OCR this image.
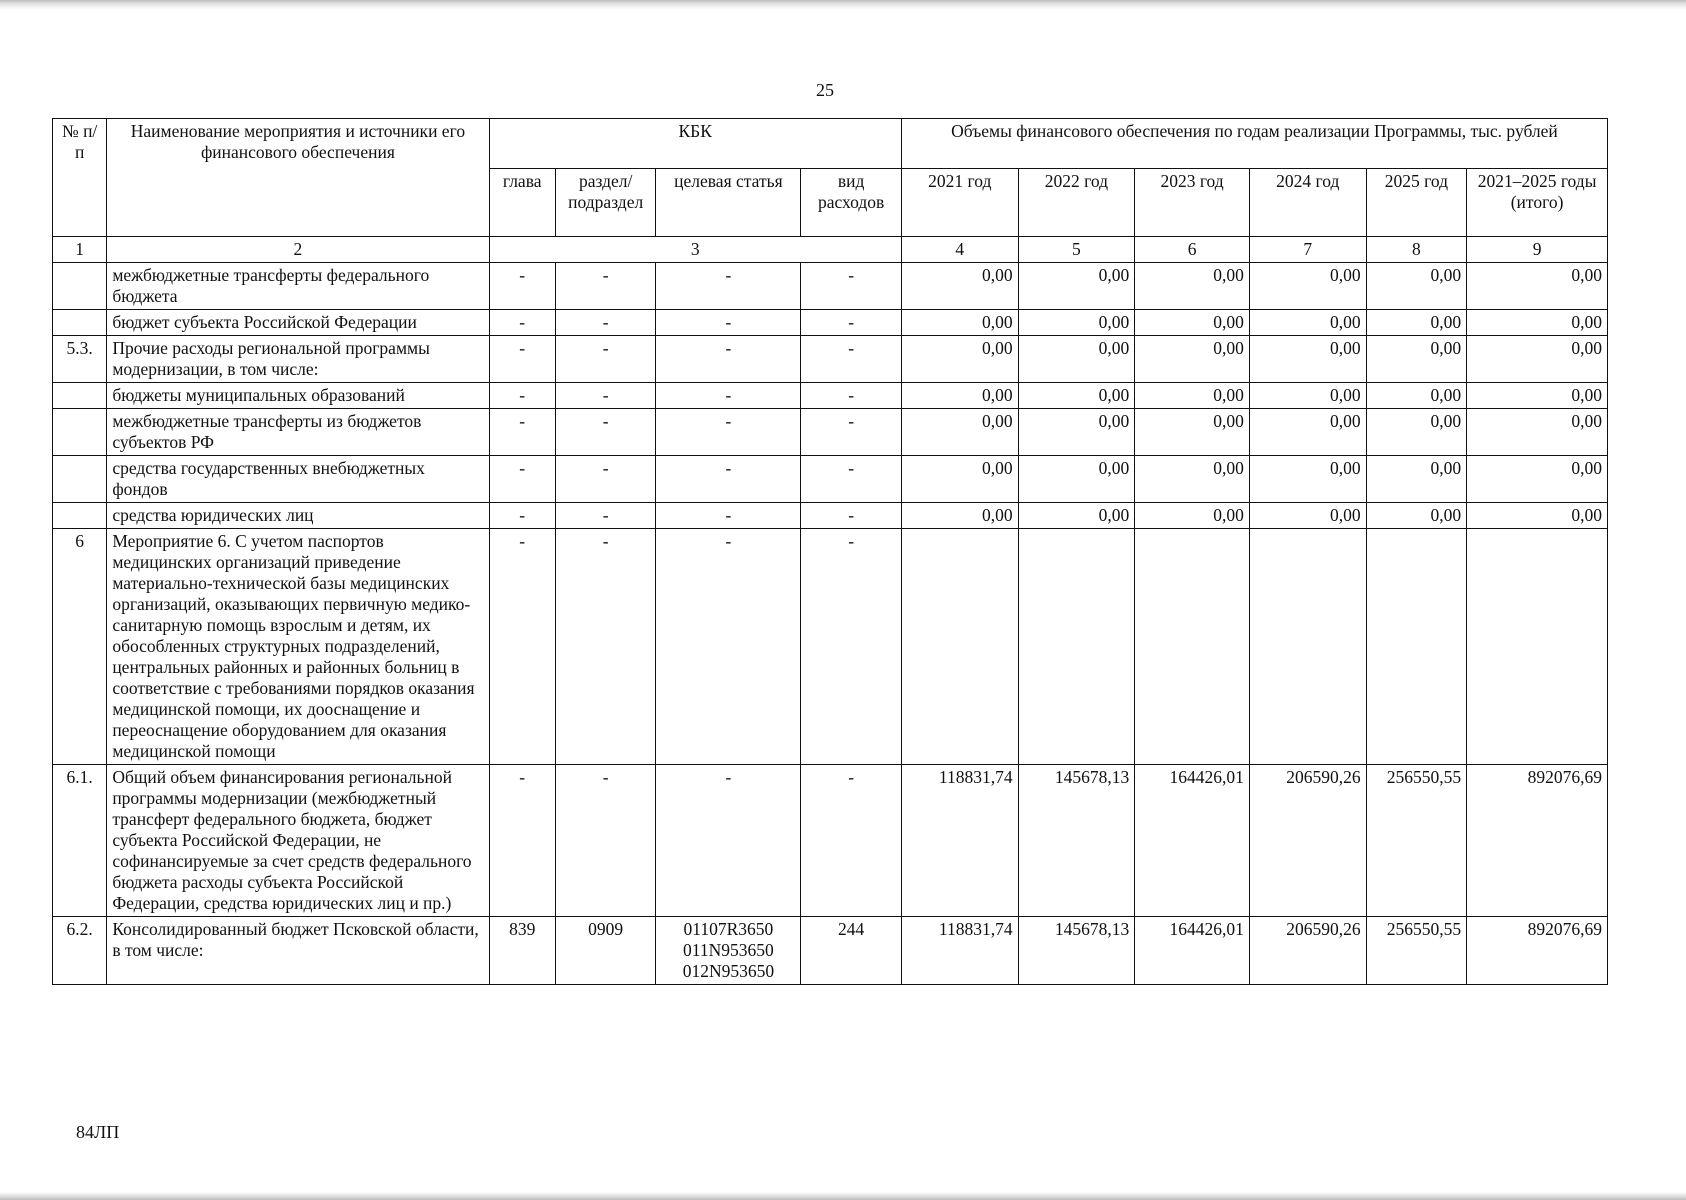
25
№ п/п	Наименование мероприятия и источники его финансового обеспечения	КБК				Объемы финансового обеспечения по годам реализации Программы, тыс. рублей					
		глава	раздел/ подраздел	целевая статья	вид расходов	2021 год	2022 год	2023 год	2024 год	2025 год	2021–2025 годы (итого)
1	2	3				4	5	6	7	8	9
	межбюджетные трансферты федерального бюджета	-	-	-	-	0,00	0,00	0,00	0,00	0,00	0,00
	бюджет субъекта Российской Федерации	-	-	-	-	0,00	0,00	0,00	0,00	0,00	0,00
5.3.	Прочие расходы региональной программы модернизации, в том числе:	-	-	-	-	0,00	0,00	0,00	0,00	0,00	0,00
	бюджеты муниципальных образований	-	-	-	-	0,00	0,00	0,00	0,00	0,00	0,00
	межбюджетные трансферты из бюджетов субъектов РФ	-	-	-	-	0,00	0,00	0,00	0,00	0,00	0,00
	средства государственных внебюджетных фондов	-	-	-	-	0,00	0,00	0,00	0,00	0,00	0,00
	средства юридических лиц	-	-	-	-	0,00	0,00	0,00	0,00	0,00	0,00
6	Мероприятие 6. С учетом паспортов медицинских организаций приведение материально-технической базы медицинских организаций, оказывающих первичную медико-санитарную помощь взрослым и детям, их обособленных структурных подразделений, центральных районных и районных больниц в соответствие с требованиями порядков оказания медицинской помощи, их дооснащение и переоснащение оборудованием для оказания медицинской помощи	-	-	-	-						
6.1.	Общий объем финансирования региональной программы модернизации (межбюджетный трансферт федерального бюджета, бюджет субъекта Российской Федерации, не софинансируемые за счет средств федерального бюджета расходы субъекта Российской Федерации, средства юридических лиц и пр.)	-	-	-	-	118831,74	145678,13	164426,01	206590,26	256550,55	892076,69
6.2.	Консолидированный бюджет Псковской области, в том числе:	839	0909	01107R3650
011N953650
012N953650	244	118831,74	145678,13	164426,01	206590,26	256550,55	892076,69
84ЛП
